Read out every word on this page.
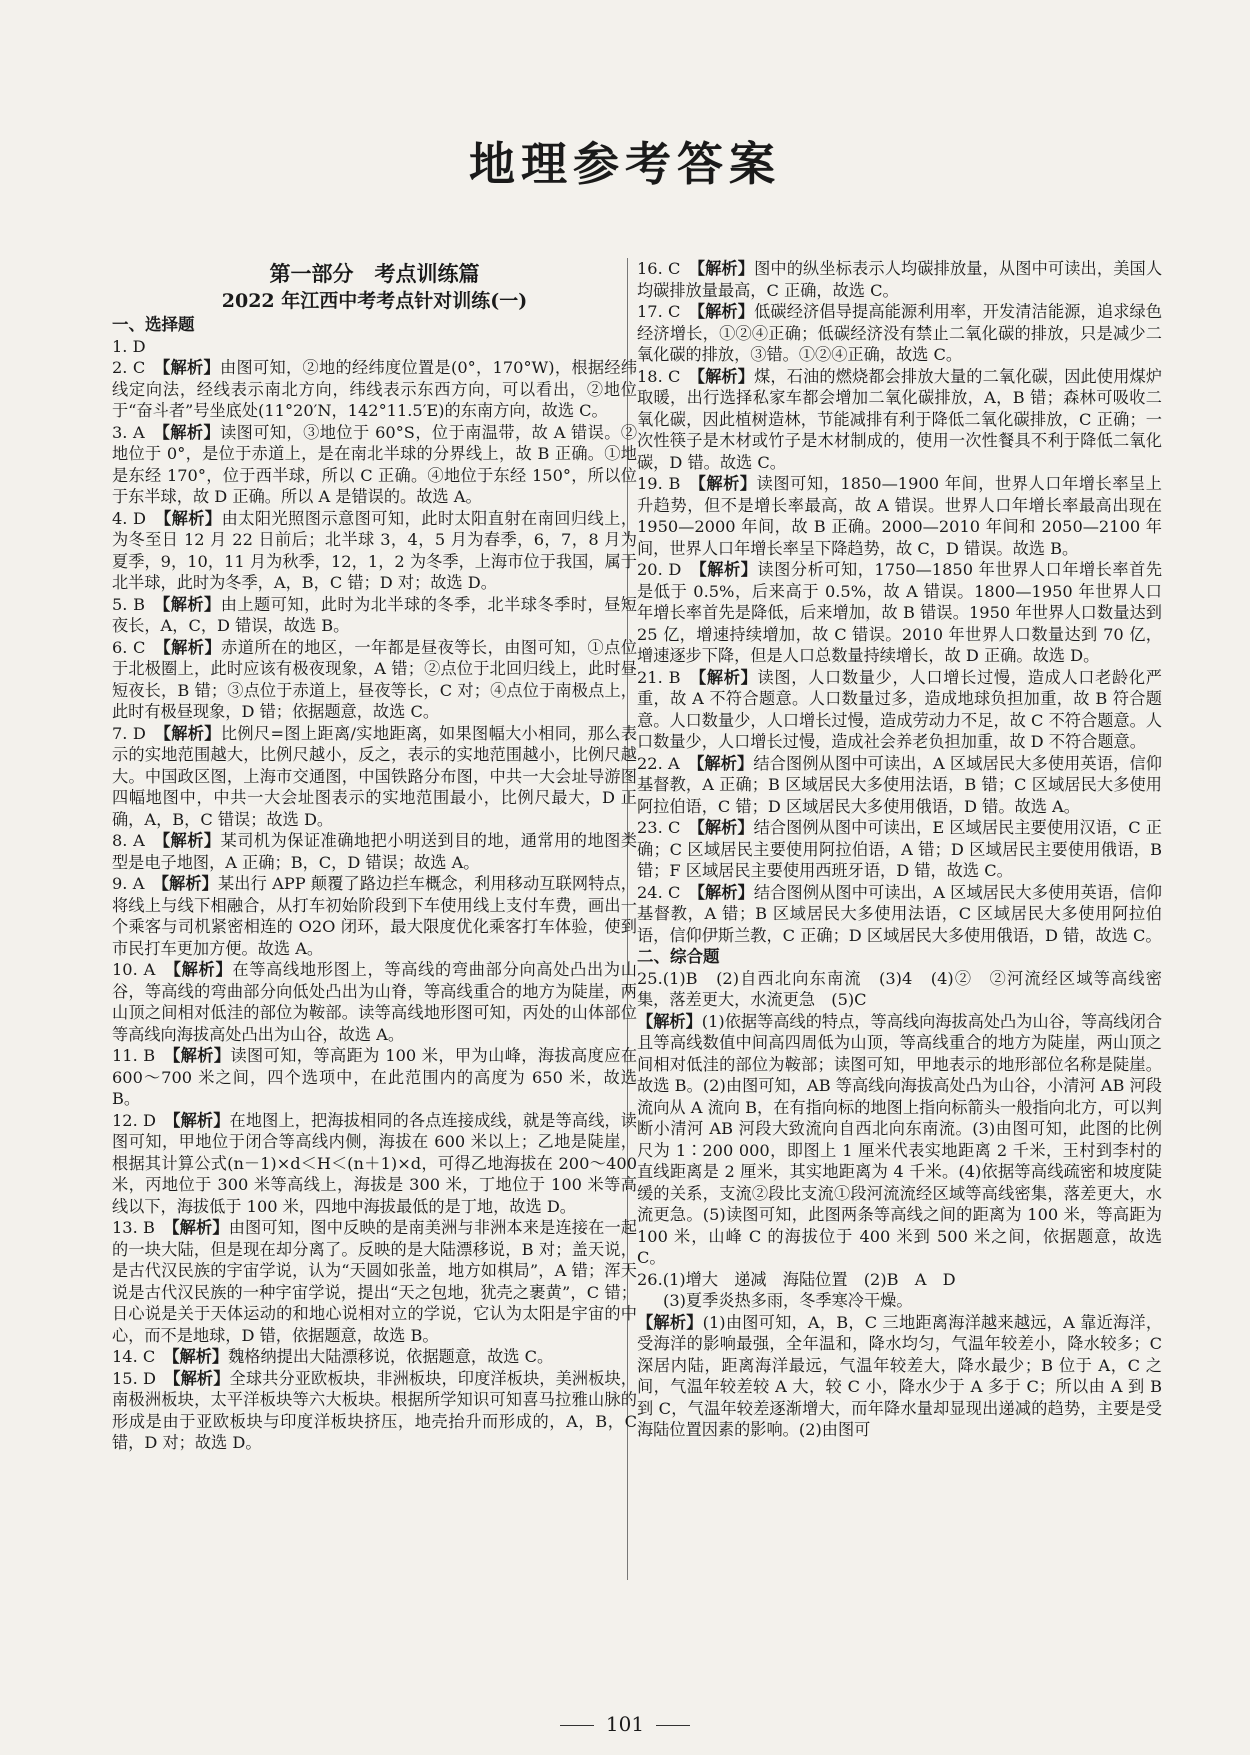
地理参考答案
第一部分　考点训练篇
2022 年江西中考考点针对训练(一)
一、选择题
1. D
2. C　 【解析】由图可知，②地的经纬度位置是(0°，170°W)，根据经纬线定向法，经线表示南北方向，纬线表示东西方向，可以看出，②地位于“奋斗者”号坐底处(11°20′N，142°11.5′E)的东南方向，故选 C。
3. A　 【解析】读图可知，③地位于 60°S，位于南温带，故 A 错误。②地位于 0°，是位于赤道上，是在南北半球的分界线上，故 B 正确。①地是东经 170°，位于西半球，所以 C 正确。④地位于东经 150°，所以位于东半球，故 D 正确。所以 A 是错误的。故选 A。
4. D　 【解析】由太阳光照图示意图可知，此时太阳直射在南回归线上，为冬至日 12 月 22 日前后；北半球 3，4，5 月为春季，6，7，8 月为夏季，9，10，11 月为秋季，12，1，2 为冬季，上海市位于我国，属于北半球，此时为冬季，A，B，C 错；D 对；故选 D。
5. B　 【解析】由上题可知，此时为北半球的冬季，北半球冬季时，昼短夜长，A，C，D 错误，故选 B。
6. C　 【解析】赤道所在的地区，一年都是昼夜等长，由图可知，①点位于北极圈上，此时应该有极夜现象，A 错；②点位于北回归线上，此时昼短夜长，B 错；③点位于赤道上，昼夜等长，C 对；④点位于南极点上，此时有极昼现象，D 错；依据题意，故选 C。
7. D　 【解析】比例尺=图上距离/实地距离，如果图幅大小相同，那么表示的实地范围越大，比例尺越小，反之，表示的实地范围越小，比例尺越大。中国政区图，上海市交通图，中国铁路分布图，中共一大会址导游图四幅地图中，中共一大会址图表示的实地范围最小，比例尺最大，D 正确，A，B，C 错误；故选 D。
8. A　 【解析】某司机为保证准确地把小明送到目的地，通常用的地图类型是电子地图，A 正确；B，C，D 错误；故选 A。
9. A　 【解析】某出行 APP 颠覆了路边拦车概念，利用移动互联网特点，将线上与线下相融合，从打车初始阶段到下车使用线上支付车费，画出一个乘客与司机紧密相连的 O2O 闭环，最大限度优化乘客打车体验，使到市民打车更加方便。故选 A。
10. A　 【解析】在等高线地形图上，等高线的弯曲部分向高处凸出为山谷，等高线的弯曲部分向低处凸出为山脊，等高线重合的地方为陡崖，两山顶之间相对低洼的部位为鞍部。读等高线地形图可知，丙处的山体部位等高线向海拔高处凸出为山谷，故选 A。
11. B　 【解析】读图可知，等高距为 100 米，甲为山峰，海拔高度应在 600～700 米之间，四个选项中，在此范围内的高度为 650 米，故选 B。
12. D　 【解析】在地图上，把海拔相同的各点连接成线，就是等高线，读图可知，甲地位于闭合等高线内侧，海拔在 600 米以上；乙地是陡崖，根据其计算公式(n－1)×d＜H＜(n＋1)×d，可得乙地海拔在 200～400 米，丙地位于 300 米等高线上，海拔是 300 米，丁地位于 100 米等高线以下，海拔低于 100 米，四地中海拔最低的是丁地，故选 D。
13. B　 【解析】由图可知，图中反映的是南美洲与非洲本来是连接在一起的一块大陆，但是现在却分离了。反映的是大陆漂移说，B 对；盖天说，是古代汉民族的宇宙学说，认为“天圆如张盖，地方如棋局”，A 错；浑天说是古代汉民族的一种宇宙学说，提出“天之包地，犹壳之裹黄”，C 错；日心说是关于天体运动的和地心说相对立的学说，它认为太阳是宇宙的中心，而不是地球，D 错，依据题意，故选 B。
14. C　 【解析】魏格纳提出大陆漂移说，依据题意，故选 C。
15. D　 【解析】全球共分亚欧板块，非洲板块，印度洋板块，美洲板块，南极洲板块，太平洋板块等六大板块。根据所学知识可知喜马拉雅山脉的形成是由于亚欧板块与印度洋板块挤压，地壳抬升而形成的，A，B，C 错，D 对；故选 D。
16. C　 【解析】图中的纵坐标表示人均碳排放量，从图中可读出，美国人均碳排放量最高，C 正确，故选 C。
17. C　 【解析】低碳经济倡导提高能源利用率，开发清洁能源，追求绿色经济增长，①②④正确；低碳经济没有禁止二氧化碳的排放，只是减少二氧化碳的排放，③错。①②④正确，故选 C。
18. C　 【解析】煤，石油的燃烧都会排放大量的二氧化碳，因此使用煤炉取暖，出行选择私家车都会增加二氧化碳排放，A，B 错；森林可吸收二氧化碳，因此植树造林，节能减排有利于降低二氧化碳排放，C 正确；一次性筷子是木材或竹子是木材制成的，使用一次性餐具不利于降低二氧化碳，D 错。故选 C。
19. B　 【解析】读图可知，1850—1900 年间，世界人口年增长率呈上升趋势，但不是增长率最高，故 A 错误。世界人口年增长率最高出现在 1950—2000 年间，故 B 正确。2000—2010 年间和 2050—2100 年间，世界人口年增长率呈下降趋势，故 C，D 错误。故选 B。
20. D　 【解析】读图分析可知，1750—1850 年世界人口年增长率首先是低于 0.5%，后来高于 0.5%，故 A 错误。1800—1950 年世界人口年增长率首先是降低，后来增加，故 B 错误。1950 年世界人口数量达到 25 亿，增速持续增加，故 C 错误。2010 年世界人口数量达到 70 亿，增速逐步下降，但是人口总数量持续增长，故 D 正确。故选 D。
21. B　 【解析】读图，人口数量少，人口增长过慢，造成人口老龄化严重，故 A 不符合题意。人口数量过多，造成地球负担加重，故 B 符合题意。人口数量少，人口增长过慢，造成劳动力不足，故 C 不符合题意。人口数量少，人口增长过慢，造成社会养老负担加重，故 D 不符合题意。
22. A　 【解析】结合图例从图中可读出，A 区域居民大多使用英语，信仰基督教，A 正确；B 区域居民大多使用法语，B 错；C 区域居民大多使用阿拉伯语，C 错；D 区域居民大多使用俄语，D 错。故选 A。
23. C　 【解析】结合图例从图中可读出，E 区域居民主要使用汉语，C 正确；C 区域居民主要使用阿拉伯语，A 错；D 区域居民主要使用俄语，B 错；F 区域居民主要使用西班牙语，D 错，故选 C。
24. C　 【解析】结合图例从图中可读出，A 区域居民大多使用英语，信仰基督教，A 错；B 区域居民大多使用法语，C 区域居民大多使用阿拉伯语，信仰伊斯兰教，C 正确；D 区域居民大多使用俄语，D 错，故选 C。
二、综合题
25.(1)B　(2)自西北向东南流　(3)4　(4)②　②河流经区域等高线密集，落差更大，水流更急　(5)C
【解析】(1)依据等高线的特点，等高线向海拔高处凸为山谷，等高线闭合且等高线数值中间高四周低为山顶，等高线重合的地方为陡崖，两山顶之间相对低洼的部位为鞍部；读图可知，甲地表示的地形部位名称是陡崖。故选 B。(2)由图可知，AB 等高线向海拔高处凸为山谷，小清河 AB 河段流向从 A 流向 B，在有指向标的地图上指向标箭头一般指向北方，可以判断小清河 AB 河段大致流向自西北向东南流。(3)由图可知，此图的比例尺为 1∶200 000，即图上 1 厘米代表实地距离 2 千米，王村到李村的直线距离是 2 厘米，其实地距离为 4 千米。(4)依据等高线疏密和坡度陡缓的关系，支流②段比支流①段河流流经区域等高线密集，落差更大，水流更急。(5)读图可知，此图两条等高线之间的距离为 100 米，等高距为 100 米，山峰 C 的海拔位于 400 米到 500 米之间，依据题意，故选 C。
26.(1)增大　递减　海陆位置　(2)B　A　D
(3)夏季炎热多雨，冬季寒冷干燥。
【解析】(1)由图可知，A，B，C 三地距离海洋越来越远，A 靠近海洋，受海洋的影响最强，全年温和，降水均匀，气温年较差小，降水较多；C 深居内陆，距离海洋最远，气温年较差大，降水最少；B 位于 A，C 之间，气温年较差较 A 大，较 C 小，降水少于 A 多于 C；所以由 A 到 B 到 C，气温年较差逐渐增大，而年降水量却显现出递减的趋势，主要是受海陆位置因素的影响。(2)由图可
101
